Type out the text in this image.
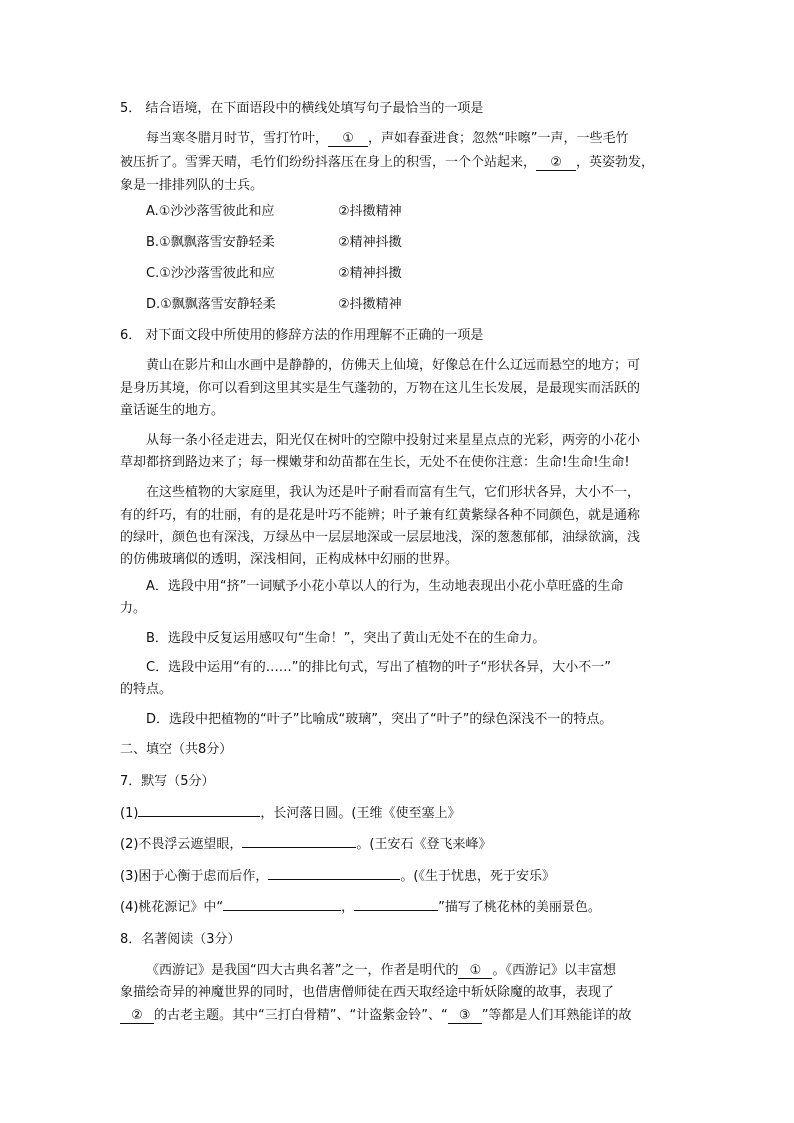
5． 结合语境，在下面语段中的横线处填写句子最恰当的一项是
每当寒冬腊月时节，雪打竹叶， ① ，声如春蚕进食；忽然“咔嚓”一声，一些毛竹
被压折了。雪霁天晴，毛竹们纷纷抖落压在身上的积雪，一个个站起来， ② ，英姿勃发，
象是一排排列队的士兵。
A.①沙沙落雪彼此和应	②抖擞精神
B.①飘飘落雪安静轻柔	②精神抖擞
C.①沙沙落雪彼此和应	②精神抖擞
D.①飘飘落雪安静轻柔	②抖擞精神
6． 对下面文段中所使用的修辞方法的作用理解不正确的一项是
黄山在影片和山水画中是静静的，仿佛天上仙境，好像总在什么辽远而悬空的地方；可
是身历其境，你可以看到这里其实是生气蓬勃的，万物在这儿生长发展，是最现实而活跃的
童话诞生的地方。
从每一条小径走进去，阳光仅在树叶的空隙中投射过来星星点点的光彩，两旁的小花小
草却都挤到路边来了；每一棵嫩芽和幼苗都在生长，无处不在使你注意：生命!生命!生命!
在这些植物的大家庭里，我认为还是叶子耐看而富有生气，它们形状各异，大小不一，
有的纤巧，有的壮丽，有的是花是叶巧不能辨；叶子兼有红黄紫绿各种不同颜色，就是通称
的绿叶，颜色也有深浅，万绿丛中一层层地深或一层层地浅，深的葱葱郁郁，油绿欲滴，浅
的仿佛玻璃似的透明，深浅相间，正构成林中幻丽的世界。
A．选段中用“挤”一词赋予小花小草以人的行为，生动地表现出小花小草旺盛的生命
力。
B．选段中反复运用感叹句“生命！”，突出了黄山无处不在的生命力。
C．选段中运用“有的……”的排比句式，写出了植物的叶子“形状各异，大小不一”
的特点。
D．选段中把植物的“叶子”比喻成“玻璃”，突出了“叶子”的绿色深浅不一的特点。
二、填空（共8分）
7．默写（5分）
(1)	，长河落日圆。(王维《使至塞上》
(2)不畏浮云遮望眼，	。(王安石《登飞来峰》
(3)困于心衡于虑而后作，	。(《生于忧患，死于安乐》
(4)桃花源记》中“	，	”描写了桃花林的美丽景色。
8．名著阅读（3分）
《西游记》是我国“四大古典名著”之一，作者是明代的 ① 。《西游记》以丰富想
象描绘奇异的神魔世界的同时，也借唐僧师徒在西天取经途中斩妖除魔的故事，表现了
② 的古老主题。其中“三打白骨精”、“计盗紫金铃”、“ ③ ”等都是人们耳熟能详的故
